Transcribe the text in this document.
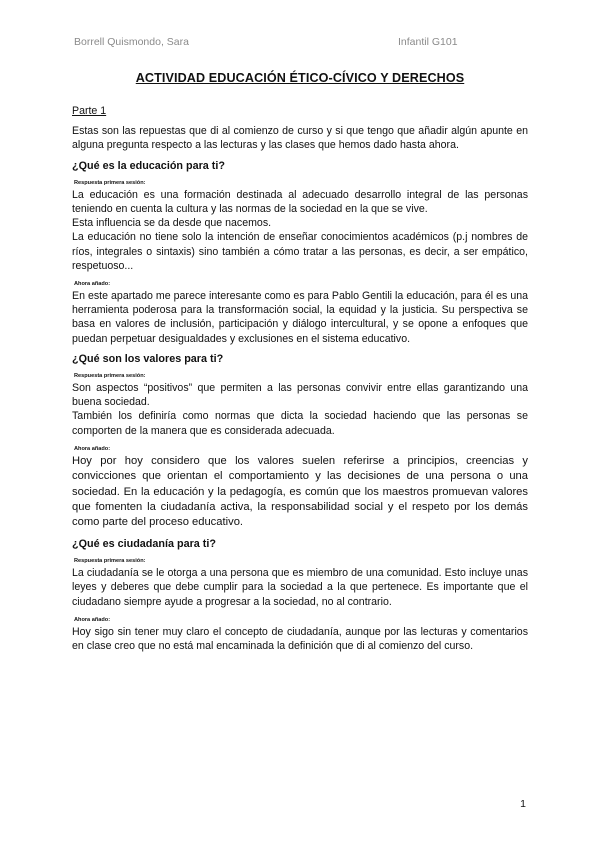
Borrell Quismondo, Sara	Infantil G101
ACTIVIDAD EDUCACIÓN ÉTICO-CÍVICO Y DERECHOS

Parte 1

Estas son las repuestas que di al comienzo de curso y si que tengo que añadir algún apunte en alguna pregunta respecto a las lecturas y las clases que hemos dado hasta ahora.

¿Qué es la educación para ti?

Respuesta primera sesión:

La educación es una formación destinada al adecuado desarrollo integral de las personas teniendo en cuenta la cultura y las normas de la sociedad en la que se vive.

Esta influencia se da desde que nacemos.

La educación no tiene solo la intención de enseñar conocimientos académicos (p.j nombres de ríos, integrales o sintaxis) sino también a cómo tratar a las personas, es decir, a ser empático, respetuoso...

Ahora añado:

En este apartado me parece interesante como es para Pablo Gentili la educación, para él es una herramienta poderosa para la transformación social, la equidad y la justicia. Su perspectiva se basa en valores de inclusión, participación y diálogo intercultural, y se opone a enfoques que puedan perpetuar desigualdades y exclusiones en el sistema educativo.

¿Qué son los valores para ti?

Respuesta primera sesión:

Son aspectos “positivos” que permiten a las personas convivir entre ellas garantizando una buena sociedad.

También los definiría como normas que dicta la sociedad haciendo que las personas se comporten de la manera que es considerada adecuada.

Ahora añado:

Hoy por hoy considero que los valores suelen referirse a principios, creencias y convicciones que orientan el comportamiento y las decisiones de una persona o una sociedad. En la educación y la pedagogía, es común que los maestros promuevan valores que fomenten la ciudadanía activa, la responsabilidad social y el respeto por los demás como parte del proceso educativo.

¿Qué es ciudadanía para ti?

Respuesta primera sesión:

La ciudadanía se le otorga a una persona que es miembro de una comunidad. Esto incluye unas leyes y deberes que debe cumplir para la sociedad a la que pertenece. Es importante que el ciudadano siempre ayude a progresar a la sociedad, no al contrario.

Ahora añado:

Hoy sigo sin tener muy claro el concepto de ciudadanía, aunque por las lecturas y comentarios en clase creo que no está mal encaminada la definición que di al comienzo del curso.

1
